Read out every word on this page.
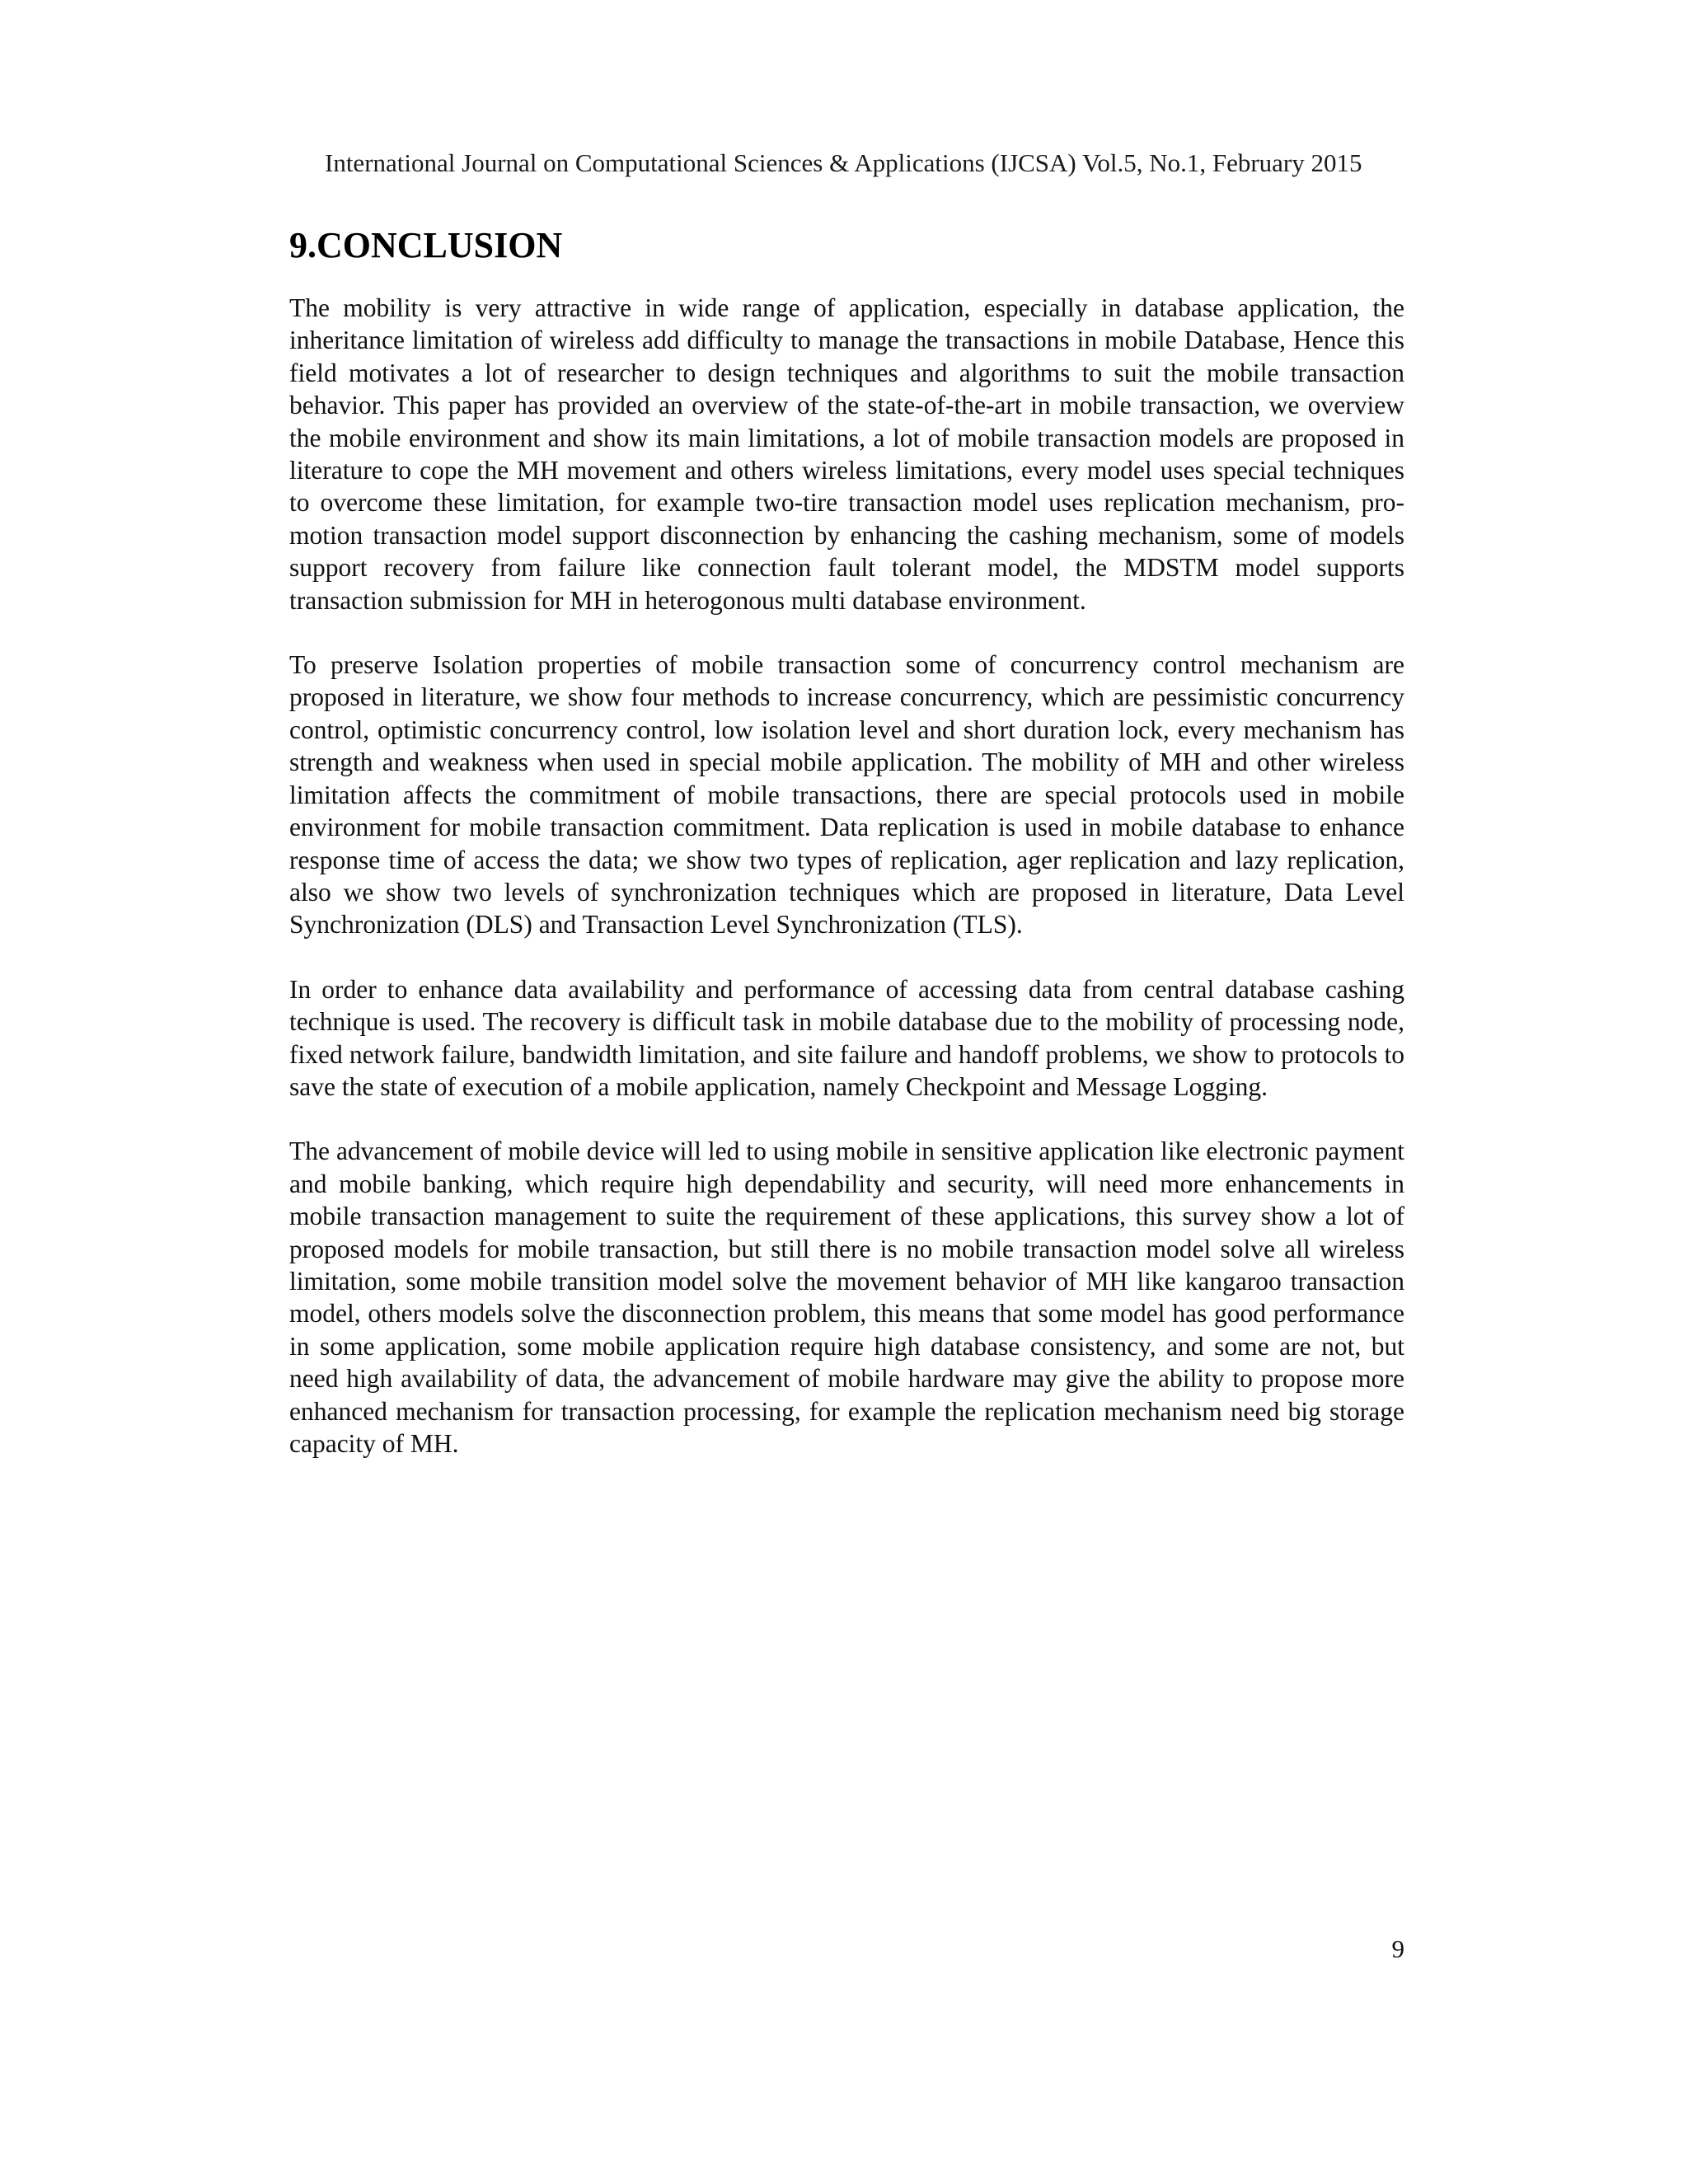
International Journal on Computational Sciences & Applications (IJCSA) Vol.5, No.1, February 2015
9.CONCLUSION

The mobility is very attractive in wide range of application, especially in database application, the inheritance limitation of wireless add difficulty to manage the transactions in mobile Database, Hence this field motivates a lot of researcher to design techniques and algorithms to suit the mobile transaction behavior. This paper has provided an overview of the state-of-the-art in mobile transaction, we overview the mobile environment and show its main limitations, a lot of mobile transaction models are proposed in literature to cope the MH movement and others wireless limitations, every model uses special techniques to overcome these limitation, for example two-tire transaction model uses replication mechanism, pro-motion transaction model support disconnection by enhancing the cashing mechanism, some of models support recovery from failure like connection fault tolerant model, the MDSTM model supports transaction submission for MH in heterogonous multi database environment.

To preserve Isolation properties of mobile transaction some of concurrency control mechanism are proposed in literature, we show four methods to increase concurrency, which are pessimistic concurrency control, optimistic concurrency control, low isolation level and short duration lock, every mechanism has strength and weakness when used in special mobile application. The mobility of MH and other wireless limitation affects the commitment of mobile transactions, there are special protocols used in mobile environment for mobile transaction commitment. Data replication is used in mobile database to enhance response time of access the data; we show two types of replication, ager replication and lazy replication, also we show two levels of synchronization techniques which are proposed in literature, Data Level Synchronization (DLS) and Transaction Level Synchronization (TLS).

In order to enhance data availability and performance of accessing data from central database cashing technique is used. The recovery is difficult task in mobile database due to the mobility of processing node, fixed network failure, bandwidth limitation, and site failure and handoff problems, we show to protocols to save the state of execution of a mobile application, namely Checkpoint and Message Logging.

The advancement of mobile device will led to using mobile in sensitive application like electronic payment and mobile banking, which require high dependability and security, will need more enhancements in mobile transaction management to suite the requirement of these applications, this survey show a lot of proposed models for mobile transaction, but still there is no mobile transaction model solve all wireless limitation, some mobile transition model solve the movement behavior of MH like kangaroo transaction model, others models solve the disconnection problem, this means that some model has good performance in some application, some mobile application require high database consistency, and some are not, but need high availability of data, the advancement of mobile hardware may give the ability to propose more enhanced mechanism for transaction processing, for example the replication mechanism need big storage capacity of MH.

9
